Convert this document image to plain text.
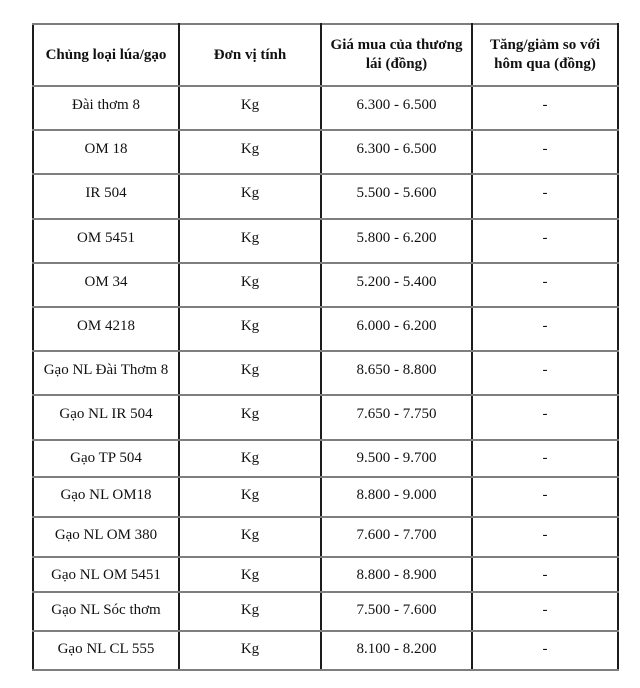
Chủng loại lúa/gạo	Đơn vị tính	Giá mua của thương lái (đồng)	Tăng/giảm so với hôm qua (đồng)
Đài thơm 8	Kg	6.300 - 6.500	-
OM 18	Kg	6.300 - 6.500	-
IR 504	Kg	5.500 - 5.600	-
OM 5451	Kg	5.800 - 6.200	-
OM 34	Kg	5.200 - 5.400	-
OM 4218	Kg	6.000 - 6.200	-
Gạo NL Đài Thơm 8	Kg	8.650 - 8.800	-
Gạo NL IR 504	Kg	7.650 - 7.750	-
Gạo TP 504	Kg	9.500 - 9.700	-
Gạo NL OM18	Kg	8.800 - 9.000	-
Gạo NL OM 380	Kg	7.600 - 7.700	-
Gạo NL OM 5451	Kg	8.800 - 8.900	-
Gạo NL Sóc thơm	Kg	7.500 - 7.600	-
Gạo NL CL 555	Kg	8.100 - 8.200	-
